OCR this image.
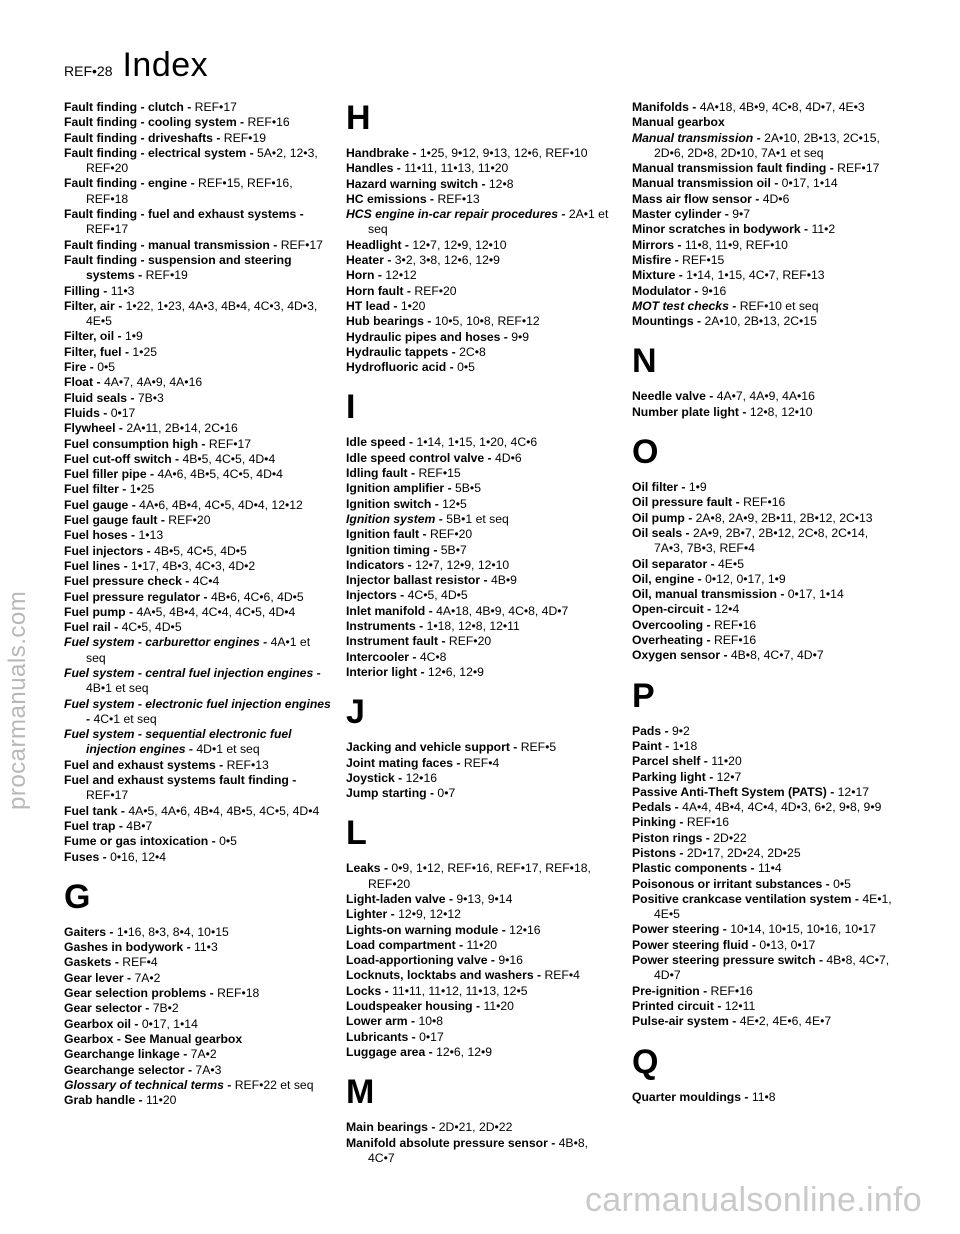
REF•28 Index
Fault finding - clutch - REF•17
Fault finding - cooling system - REF•16
Fault finding - driveshafts - REF•19
Fault finding - electrical system - 5A•2, 12•3, REF•20
Fault finding - engine - REF•15, REF•16, REF•18
Fault finding - fuel and exhaust systems - REF•17
Fault finding - manual transmission - REF•17
Fault finding - suspension and steering systems - REF•19
Filling - 11•3
Filter, air - 1•22, 1•23, 4A•3, 4B•4, 4C•3, 4D•3, 4E•5
Filter, oil - 1•9
Filter, fuel - 1•25
Fire - 0•5
Float - 4A•7, 4A•9, 4A•16
Fluid seals - 7B•3
Fluids - 0•17
Flywheel - 2A•11, 2B•14, 2C•16
Fuel consumption high - REF•17
Fuel cut-off switch - 4B•5, 4C•5, 4D•4
Fuel filler pipe - 4A•6, 4B•5, 4C•5, 4D•4
Fuel filter - 1•25
Fuel gauge - 4A•6, 4B•4, 4C•5, 4D•4, 12•12
Fuel gauge fault - REF•20
Fuel hoses - 1•13
Fuel injectors - 4B•5, 4C•5, 4D•5
Fuel lines - 1•17, 4B•3, 4C•3, 4D•2
Fuel pressure check - 4C•4
Fuel pressure regulator - 4B•6, 4C•6, 4D•5
Fuel pump - 4A•5, 4B•4, 4C•4, 4C•5, 4D•4
Fuel rail - 4C•5, 4D•5
Fuel system - carburettor engines - 4A•1 et seq
Fuel system - central fuel injection engines - 4B•1 et seq
Fuel system - electronic fuel injection engines - 4C•1 et seq
Fuel system - sequential electronic fuel injection engines - 4D•1 et seq
Fuel and exhaust systems - REF•13
Fuel and exhaust systems fault finding - REF•17
Fuel tank - 4A•5, 4A•6, 4B•4, 4B•5, 4C•5, 4D•4
Fuel trap - 4B•7
Fume or gas intoxication - 0•5
Fuses - 0•16, 12•4
G
Gaiters - 1•16, 8•3, 8•4, 10•15
Gashes in bodywork - 11•3
Gaskets - REF•4
Gear lever - 7A•2
Gear selection problems - REF•18
Gear selector - 7B•2
Gearbox oil - 0•17, 1•14
Gearbox - See Manual gearbox
Gearchange linkage - 7A•2
Gearchange selector - 7A•3
Glossary of technical terms - REF•22 et seq
Grab handle - 11•20
H
Handbrake - 1•25, 9•12, 9•13, 12•6, REF•10
Handles - 11•11, 11•13, 11•20
Hazard warning switch - 12•8
HC emissions - REF•13
HCS engine in-car repair procedures - 2A•1 et seq
Headlight - 12•7, 12•9, 12•10
Heater - 3•2, 3•8, 12•6, 12•9
Horn - 12•12
Horn fault - REF•20
HT lead - 1•20
Hub bearings - 10•5, 10•8, REF•12
Hydraulic pipes and hoses - 9•9
Hydraulic tappets - 2C•8
Hydrofluoric acid - 0•5
I
Idle speed - 1•14, 1•15, 1•20, 4C•6
Idle speed control valve - 4D•6
Idling fault - REF•15
Ignition amplifier - 5B•5
Ignition switch - 12•5
Ignition system - 5B•1 et seq
Ignition fault - REF•20
Ignition timing - 5B•7
Indicators - 12•7, 12•9, 12•10
Injector ballast resistor - 4B•9
Injectors - 4C•5, 4D•5
Inlet manifold - 4A•18, 4B•9, 4C•8, 4D•7
Instruments - 1•18, 12•8, 12•11
Instrument fault - REF•20
Intercooler - 4C•8
Interior light - 12•6, 12•9
J
Jacking and vehicle support - REF•5
Joint mating faces - REF•4
Joystick - 12•16
Jump starting - 0•7
L
Leaks - 0•9, 1•12, REF•16, REF•17, REF•18, REF•20
Light-laden valve - 9•13, 9•14
Lighter - 12•9, 12•12
Lights-on warning module - 12•16
Load compartment - 11•20
Load-apportioning valve - 9•16
Locknuts, locktabs and washers - REF•4
Locks - 11•11, 11•12, 11•13, 12•5
Loudspeaker housing - 11•20
Lower arm - 10•8
Lubricants - 0•17
Luggage area - 12•6, 12•9
M
Main bearings - 2D•21, 2D•22
Manifold absolute pressure sensor - 4B•8, 4C•7
Manifolds - 4A•18, 4B•9, 4C•8, 4D•7, 4E•3
Manual gearbox
Manual transmission - 2A•10, 2B•13, 2C•15, 2D•6, 2D•8, 2D•10, 7A•1 et seq
Manual transmission fault finding - REF•17
Manual transmission oil - 0•17, 1•14
Mass air flow sensor - 4D•6
Master cylinder - 9•7
Minor scratches in bodywork - 11•2
Mirrors - 11•8, 11•9, REF•10
Misfire - REF•15
Mixture - 1•14, 1•15, 4C•7, REF•13
Modulator - 9•16
MOT test checks - REF•10 et seq
Mountings - 2A•10, 2B•13, 2C•15
N
Needle valve - 4A•7, 4A•9, 4A•16
Number plate light - 12•8, 12•10
O
Oil filter - 1•9
Oil pressure fault - REF•16
Oil pump - 2A•8, 2A•9, 2B•11, 2B•12, 2C•13
Oil seals - 2A•9, 2B•7, 2B•12, 2C•8, 2C•14, 7A•3, 7B•3, REF•4
Oil separator - 4E•5
Oil, engine - 0•12, 0•17, 1•9
Oil, manual transmission - 0•17, 1•14
Open-circuit - 12•4
Overcooling - REF•16
Overheating - REF•16
Oxygen sensor - 4B•8, 4C•7, 4D•7
P
Pads - 9•2
Paint - 1•18
Parcel shelf - 11•20
Parking light - 12•7
Passive Anti-Theft System (PATS) - 12•17
Pedals - 4A•4, 4B•4, 4C•4, 4D•3, 6•2, 9•8, 9•9
Pinking - REF•16
Piston rings - 2D•22
Pistons - 2D•17, 2D•24, 2D•25
Plastic components - 11•4
Poisonous or irritant substances - 0•5
Positive crankcase ventilation system - 4E•1, 4E•5
Power steering - 10•14, 10•15, 10•16, 10•17
Power steering fluid - 0•13, 0•17
Power steering pressure switch - 4B•8, 4C•7, 4D•7
Pre-ignition - REF•16
Printed circuit - 12•11
Pulse-air system - 4E•2, 4E•6, 4E•7
Q
Quarter mouldings - 11•8
procarmanuals.com
carmanualsonline.info
